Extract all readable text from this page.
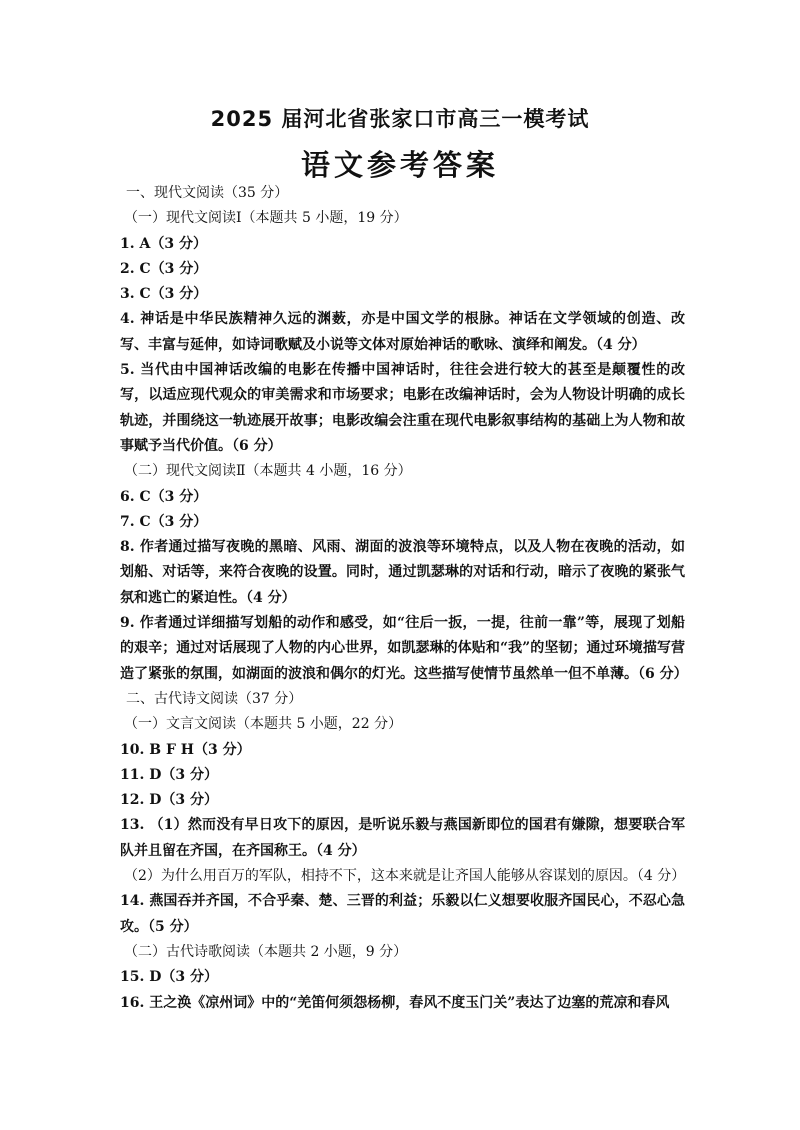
2025 届河北省张家口市高三一模考试
语文参考答案
一、现代文阅读（35 分）
（一）现代文阅读Ⅰ（本题共 5 小题，19 分）
1. A（3 分）
2. C（3 分）
3. C（3 分）
4. 神话是中华民族精神久远的渊薮，亦是中国文学的根脉。神话在文学领域的创造、改写、丰富与延伸，如诗词歌赋及小说等文体对原始神话的歌咏、演绎和阐发。（4 分）
5. 当代由中国神话改编的电影在传播中国神话时，往往会进行较大的甚至是颠覆性的改写，以适应现代观众的审美需求和市场要求；电影在改编神话时，会为人物设计明确的成长轨迹，并围绕这一轨迹展开故事；电影改编会注重在现代电影叙事结构的基础上为人物和故事赋予当代价值。（6 分）
（二）现代文阅读Ⅱ（本题共 4 小题，16 分）
6. C（3 分）
7. C（3 分）
8. 作者通过描写夜晚的黑暗、风雨、湖面的波浪等环境特点，以及人物在夜晚的活动，如划船、对话等，来符合夜晚的设置。同时，通过凯瑟琳的对话和行动，暗示了夜晚的紧张气氛和逃亡的紧迫性。（4 分）
9. 作者通过详细描写划船的动作和感受，如“往后一扳，一提，往前一靠”等，展现了划船的艰辛；通过对话展现了人物的内心世界，如凯瑟琳的体贴和“我”的坚韧；通过环境描写营造了紧张的氛围，如湖面的波浪和偶尔的灯光。这些描写使情节虽然单一但不单薄。（6 分）
二、古代诗文阅读（37 分）
（一）文言文阅读（本题共 5 小题，22 分）
10. B F H（3 分）
11. D（3 分）
12. D（3 分）
13. （1）然而没有早日攻下的原因，是听说乐毅与燕国新即位的国君有嫌隙，想要联合军队并且留在齐国，在齐国称王。（4 分）
（2）为什么用百万的军队，相持不下，这本来就是让齐国人能够从容谋划的原因。（4 分）
14. 燕国吞并齐国，不合乎秦、楚、三晋的利益；乐毅以仁义想要收服齐国民心，不忍心急攻。（5 分）
（二）古代诗歌阅读（本题共 2 小题，9 分）
15. D（3 分）
16. 王之涣《凉州词》中的“羌笛何须怨杨柳，春风不度玉门关”表达了边塞的荒凉和春风
